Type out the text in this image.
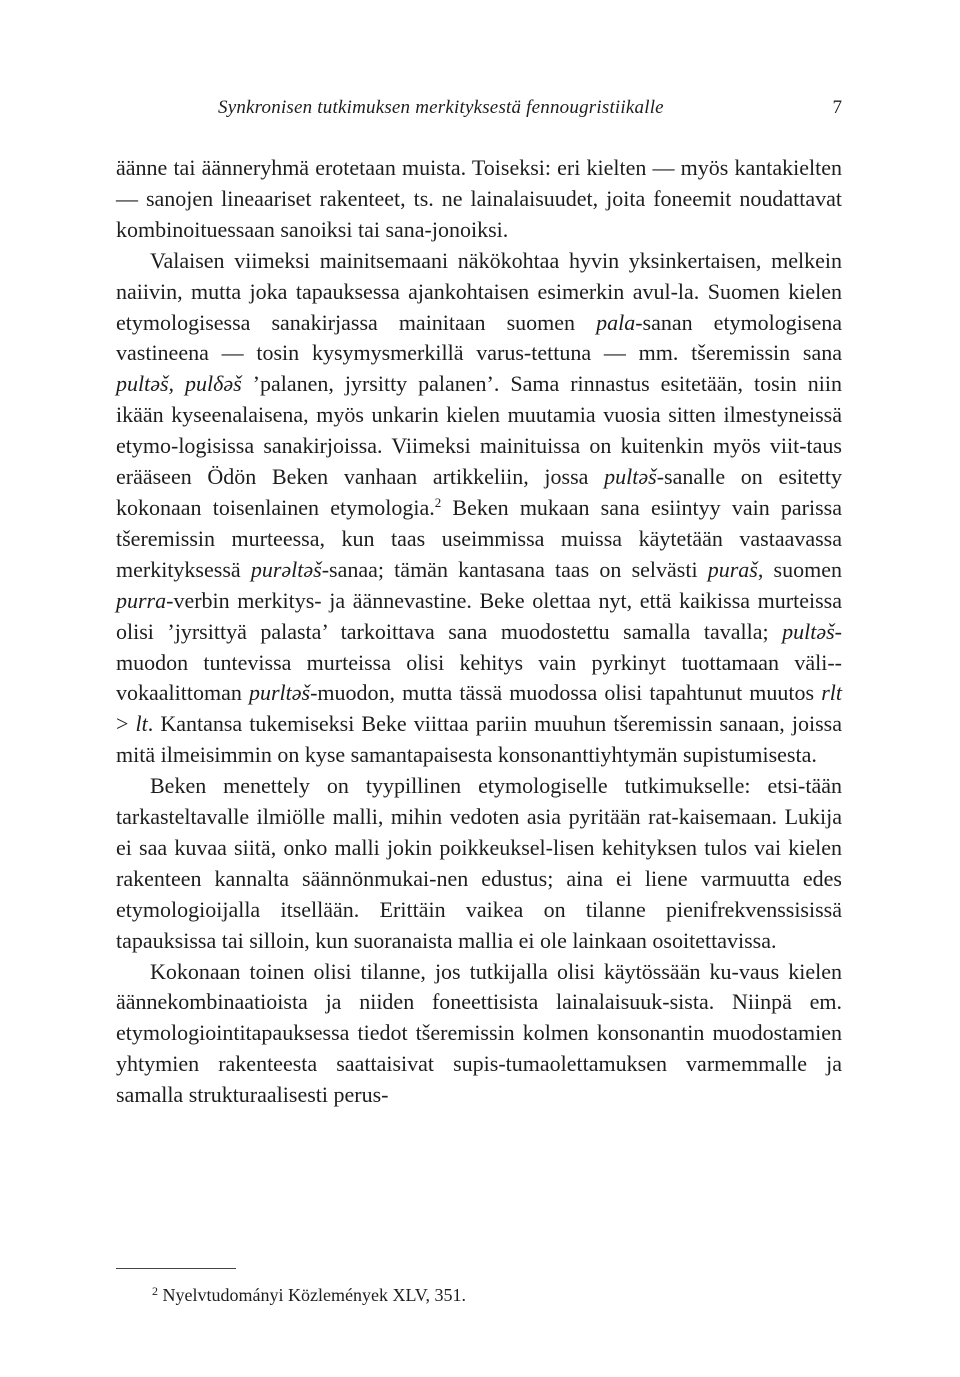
Synkronisen tutkimuksen merkityksestä fennougristiikalle	7

äänne tai äänneryhmä erotetaan muista. Toiseksi: eri kielten — myös kantakielten — sanojen lineaariset rakenteet, ts. ne lainalaisuudet, joita foneemit noudattavat kombinoituessaan sanoiksi tai sana-jonoiksi.

Valaisen viimeksi mainitsemaani näkökohtaa hyvin yksinkertaisen, melkein naiivin, mutta joka tapauksessa ajankohtaisen esimerkin avul-la. Suomen kielen etymologisessa sanakirjassa mainitaan suomen pala-sanan etymologisena vastineena — tosin kysymysmerkillä varus-tettuna — mm. tšeremissin sana pultəš, pulδəš ’palanen, jyrsitty palanen’. Sama rinnastus esitetään, tosin niin ikään kyseenalaisena, myös unkarin kielen muutamia vuosia sitten ilmestyneissä etymo-logisissa sanakirjoissa. Viimeksi mainituissa on kuitenkin myös viit-taus erääseen Ödön Beken vanhaan artikkeliin, jossa pultəš-sanalle on esitetty kokonaan toisenlainen etymologia.$^2$ Beken mukaan sana esiintyy vain parissa tšeremissin murteessa, kun taas useimmissa muissa käytetään vastaavassa merkityksessä purəltəš-sanaa; tämän kantasana taas on selvästi puraš, suomen purra-verbin merkitys- ja äännevastine. Beke olettaa nyt, että kaikissa murteissa olisi ’jyrsittyä palasta’ tarkoittava sana muodostettu samalla tavalla; pultəš-muodon tuntevissa murteissa olisi kehitys vain pyrkinyt tuottamaan väli-vokaalittoman purltəš-muodon, mutta tässä muodossa olisi tapahtunut muutos rlt > lt. Kantansa tukemiseksi Beke viittaa pariin muuhun tšeremissin sanaan, joissa mitä ilmeisimmin on kyse samantapaisesta konsonanttiyhtymän supistumisesta.

Beken menettely on tyypillinen etymologiselle tutkimukselle: etsi-tään tarkasteltavalle ilmiölle malli, mihin vedoten asia pyritään rat-kaisemaan. Lukija ei saa kuvaa siitä, onko malli jokin poikkeuksel-lisen kehityksen tulos vai kielen rakenteen kannalta säännönmukai-nen edustus; aina ei liene varmuutta edes etymologioijalla itsellään. Erittäin vaikea on tilanne pienifrekvenssisissä tapauksissa tai silloin, kun suoranaista mallia ei ole lainkaan osoitettavissa.

Kokonaan toinen olisi tilanne, jos tutkijalla olisi käytössään ku-vaus kielen äännekombinaatioista ja niiden foneettisista lainalaisuuk-sista. Niinpä em. etymologiointitapauksessa tiedot tšeremissin kolmen konsonantin muodostamien yhtymien rakenteesta saattaisivat supis-tumaolettamuksen varmemmalle ja samalla strukturaalisesti perus-

$^2$ Nyelvtudományi Közlemények XLV, 351.
